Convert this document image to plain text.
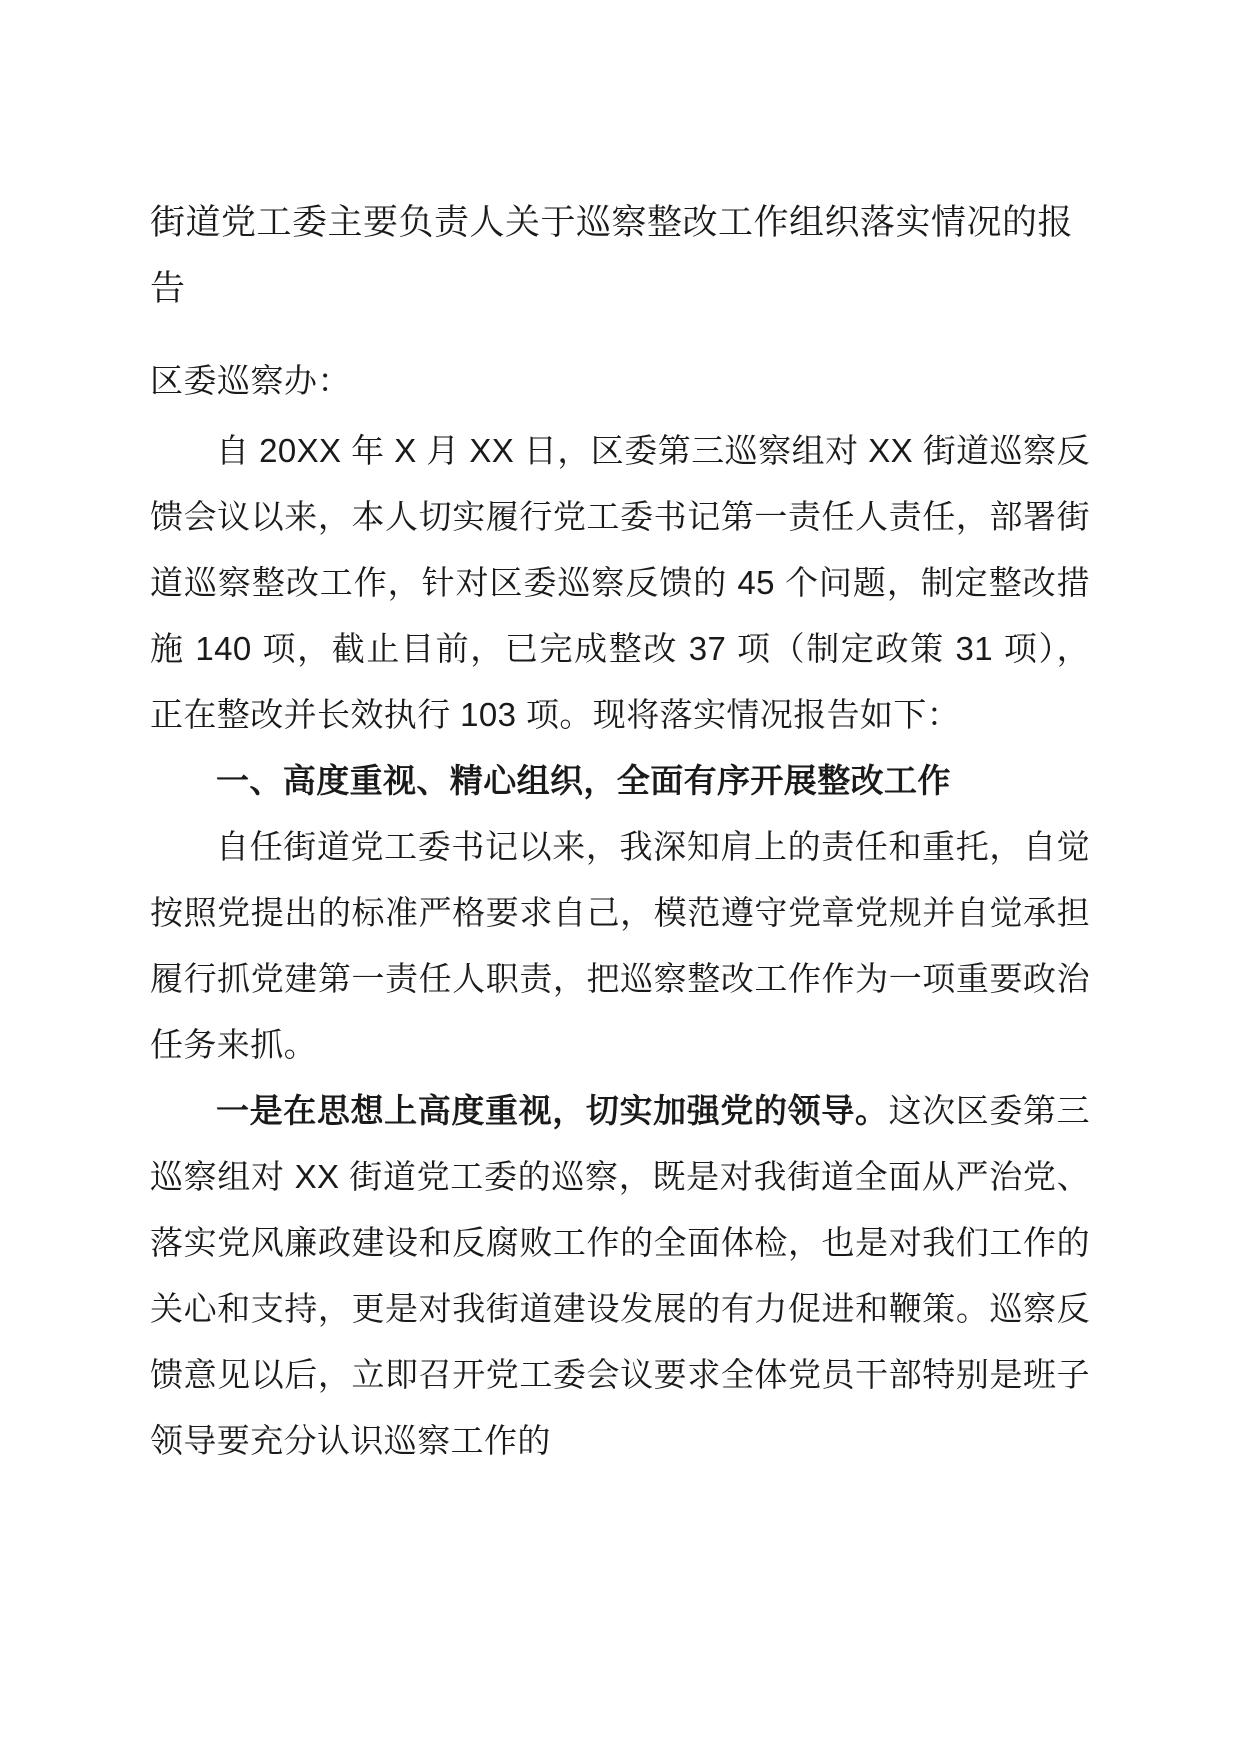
街道党工委主要负责人关于巡察整改工作组织落实情况的报告

区委巡察办：

自 20XX 年 X 月 XX 日，区委第三巡察组对 XX 街道巡察反馈会议以来，本人切实履行党工委书记第一责任人责任，部署街道巡察整改工作，针对区委巡察反馈的 45 个问题，制定整改措施 140 项，截止目前，已完成整改 37 项（制定政策 31 项），正在整改并长效执行 103 项。现将落实情况报告如下：

一、高度重视、精心组织，全面有序开展整改工作

自任街道党工委书记以来，我深知肩上的责任和重托，自觉按照党提出的标准严格要求自己，模范遵守党章党规并自觉承担履行抓党建第一责任人职责，把巡察整改工作作为一项重要政治任务来抓。

一是在思想上高度重视，切实加强党的领导。这次区委第三巡察组对 XX 街道党工委的巡察，既是对我街道全面从严治党、落实党风廉政建设和反腐败工作的全面体检，也是对我们工作的关心和支持，更是对我街道建设发展的有力促进和鞭策。巡察反馈意见以后，立即召开党工委会议要求全体党员干部特别是班子领导要充分认识巡察工作的
